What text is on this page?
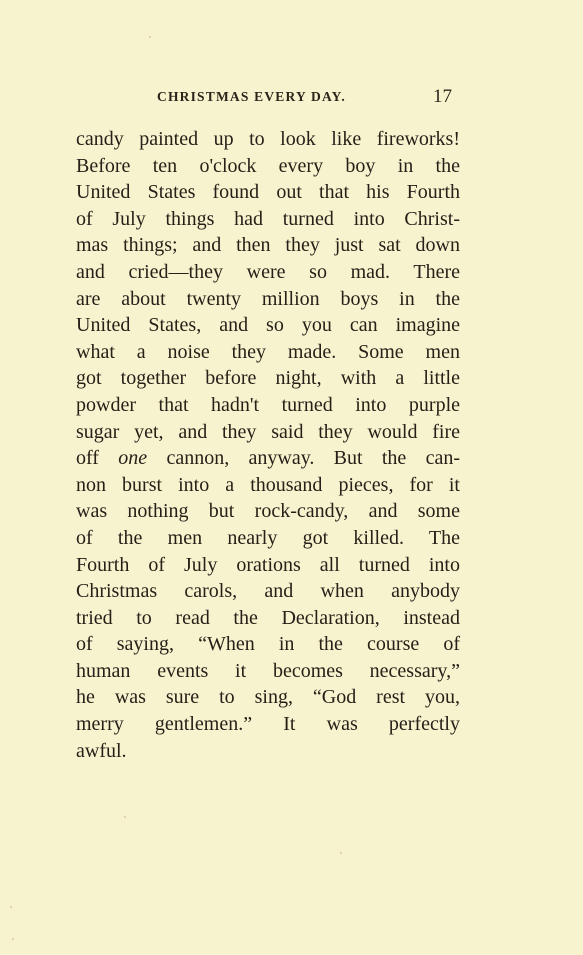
CHRISTMAS EVERY DAY.	17
candy painted up to look like fireworks!
Before ten o'clock every boy in the
United States found out that his Fourth
of July things had turned into Christ-
mas things; and then they just sat down
and cried—they were so mad. There
are about twenty million boys in the
United States, and so you can imagine
what a noise they made. Some men
got together before night, with a little
powder that hadn't turned into purple
sugar yet, and they said they would fire
off one cannon, anyway. But the can-
non burst into a thousand pieces, for it
was nothing but rock-candy, and some
of the men nearly got killed. The
Fourth of July orations all turned into
Christmas carols, and when anybody
tried to read the Declaration, instead
of saying, “When in the course of
human events it becomes necessary,”
he was sure to sing, “God rest you,
merry gentlemen.” It was perfectly
awful.
